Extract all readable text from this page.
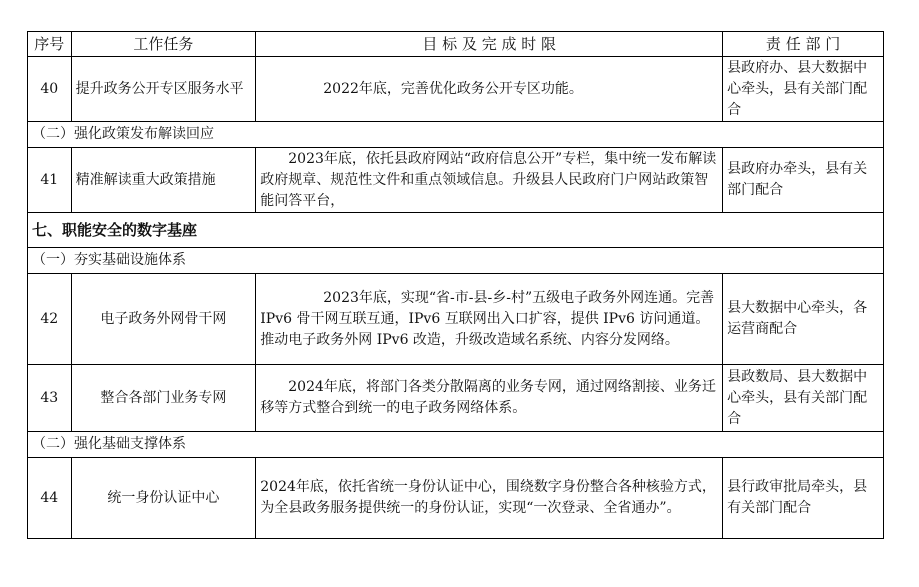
序号	工作任务	目 标 及 完 成 时 限	责 任 部 门
40	提升政务公开专区服务水平	2022年底，完善优化政务公开专区功能。	县政府办、县大数据中心牵头，县有关部门配合
（二）强化政策发布解读回应			
41	精准解读重大政策措施	2023年底，依托县政府网站“政府信息公开”专栏，集中统一发布解读政府规章、规范性文件和重点领域信息。升级县人民政府门户网站政策智能问答平台，	县政府办牵头，县有关部门配合
七、职能安全的数字基座			
（一）夯实基础设施体系			
42	电子政务外网骨干网	2023年底，实现“省-市-县-乡-村”五级电子政务外网连通。完善 IPv6 骨干网互联互通，IPv6 互联网出入口扩容，提供 IPv6 访问通道。推动电子政务外网 IPv6 改造，升级改造域名系统、内容分发网络。	县大数据中心牵头，各运营商配合
43	整合各部门业务专网	2024年底，将部门各类分散隔离的业务专网，通过网络割接、业务迁移等方式整合到统一的电子政务网络体系。	县政数局、县大数据中心牵头，县有关部门配合
（二）强化基础支撑体系			
44	统一身份认证中心	2024年底，依托省统一身份认证中心，围绕数字身份整合各种核验方式，为全县政务服务提供统一的身份认证，实现“一次登录、全省通办”。	县行政审批局牵头，县有关部门配合
